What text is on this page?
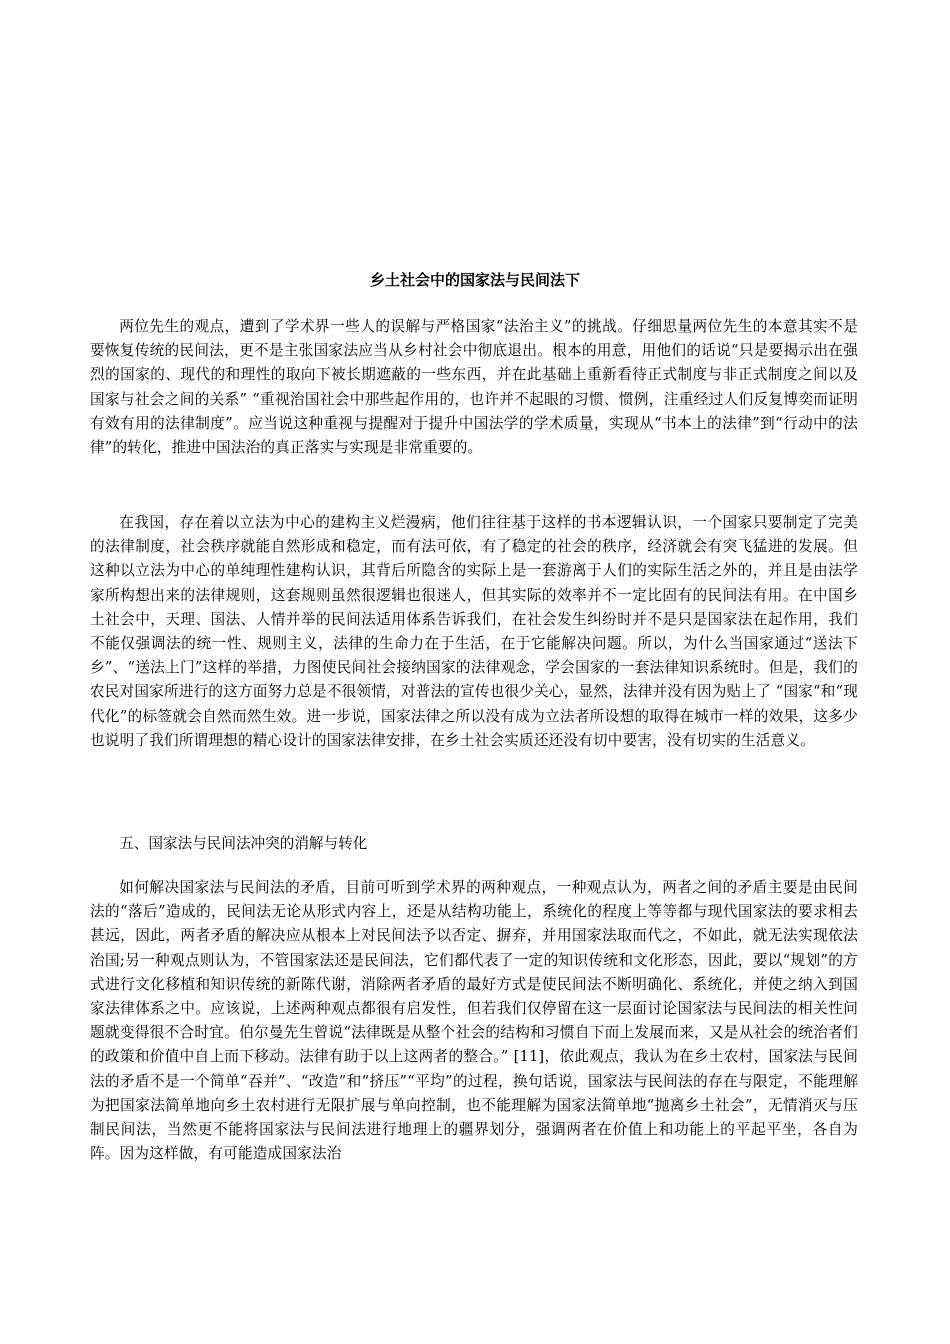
乡土社会中的国家法与民间法下

两位先生的观点，遭到了学术界一些人的误解与严格国家“法治主义”的挑战。仔细思量两位先生的本意其实不是要恢复传统的民间法，更不是主张国家法应当从乡村社会中彻底退出。根本的用意，用他们的话说“只是要揭示出在强烈的国家的、现代的和理性的取向下被长期遮蔽的一些东西，并在此基础上重新看待正式制度与非正式制度之间以及国家与社会之间的关系” “重视治国社会中那些起作用的，也许并不起眼的习惯、惯例，注重经过人们反复博奕而证明有效有用的法律制度”。应当说这种重视与提醒对于提升中国法学的学术质量，实现从“书本上的法律”到“行动中的法律”的转化，推进中国法治的真正落实与实现是非常重要的。

在我国，存在着以立法为中心的建构主义烂漫病，他们往往基于这样的书本逻辑认识，一个国家只要制定了完美的法律制度，社会秩序就能自然形成和稳定，而有法可依，有了稳定的社会的秩序，经济就会有突飞猛进的发展。但这种以立法为中心的单纯理性建构认识，其背后所隐含的实际上是一套游离于人们的实际生活之外的，并且是由法学家所构想出来的法律规则，这套规则虽然很逻辑也很迷人，但其实际的效率并不一定比固有的民间法有用。在中国乡土社会中，天理、国法、人情并举的民间法适用体系告诉我们，在社会发生纠纷时并不是只是国家法在起作用，我们不能仅强调法的统一性、规则主义，法律的生命力在于生活，在于它能解决问题。所以，为什么当国家通过“送法下乡”、“送法上门”这样的举措，力图使民间社会接纳国家的法律观念，学会国家的一套法律知识系统时。但是，我们的农民对国家所进行的这方面努力总是不很领情，对普法的宣传也很少关心，显然，法律并没有因为贴上了 “国家“和“现代化”的标签就会自然而然生效。进一步说，国家法律之所以没有成为立法者所设想的取得在城市一样的效果，这多少也说明了我们所谓理想的精心设计的国家法律安排，在乡土社会实质还还没有切中要害，没有切实的生活意义。

五、国家法与民间法冲突的消解与转化

如何解决国家法与民间法的矛盾，目前可听到学术界的两种观点，一种观点认为，两者之间的矛盾主要是由民间法的“落后”造成的，民间法无论从形式内容上，还是从结构功能上，系统化的程度上等等都与现代国家法的要求相去甚远，因此，两者矛盾的解决应从根本上对民间法予以否定、摒弃，并用国家法取而代之，不如此，就无法实现依法治国;另一种观点则认为，不管国家法还是民间法，它们都代表了一定的知识传统和文化形态，因此，要以“规划”的方式进行文化移植和知识传统的新陈代谢，消除两者矛盾的最好方式是使民间法不断明确化、系统化，并使之纳入到国家法律体系之中。应该说，上述两种观点都很有启发性，但若我们仅停留在这一层面讨论国家法与民间法的相关性问题就变得很不合时宜。伯尔曼先生曾说“法律既是从整个社会的结构和习惯自下而上发展而来，又是从社会的统治者们的政策和价值中自上而下移动。法律有助于以上这两者的整合。” [11]，依此观点，我认为在乡土农村，国家法与民间法的矛盾不是一个简单“吞并”、“改造”和“挤压”“平均”的过程，换句话说，国家法与民间法的存在与限定，不能理解为把国家法简单地向乡土农村进行无限扩展与单向控制，也不能理解为国家法简单地“抛离乡土社会”，无情消灭与压制民间法，当然更不能将国家法与民间法进行地理上的疆界划分，强调两者在价值上和功能上的平起平坐，各自为阵。因为这样做，有可能造成国家法治
